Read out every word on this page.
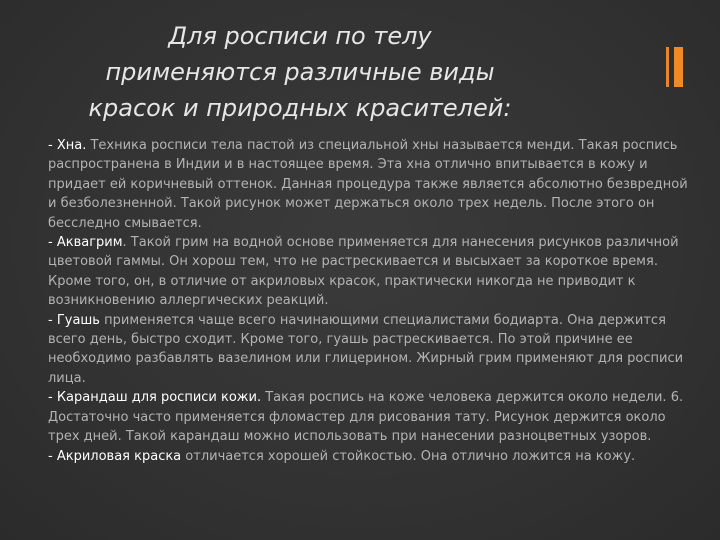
Для росписи по телу применяются различные виды красок и природных красителей:

- Хна. Техника росписи тела пастой из специальной хны называется менди. Такая роспись распространена в Индии и в настоящее время. Эта хна отлично впитывается в кожу и придает ей коричневый оттенок. Данная процедура также является абсолютно безвредной и безболезненной. Такой рисунок может держаться около трех недель. После этого он бесследно смывается.

- Аквагрим. Такой грим на водной основе применяется для нанесения рисунков различной цветовой гаммы. Он хорош тем, что не растрескивается и высыхает за короткое время. Кроме того, он, в отличие от акриловых красок, практически никогда не приводит к возникновению аллергических реакций.

- Гуашь применяется чаще всего начинающими специалистами бодиарта. Она держится всего день, быстро сходит. Кроме того, гуашь растрескивается. По этой причине ее необходимо разбавлять вазелином или глицерином. Жирный грим применяют для росписи лица.

- Карандаш для росписи кожи. Такая роспись на коже человека держится около недели. 6. Достаточно часто применяется фломастер для рисования тату. Рисунок держится около трех дней. Такой карандаш можно использовать при нанесении разноцветных узоров.

- Акриловая краска отличается хорошей стойкостью. Она отлично ложится на кожу.
